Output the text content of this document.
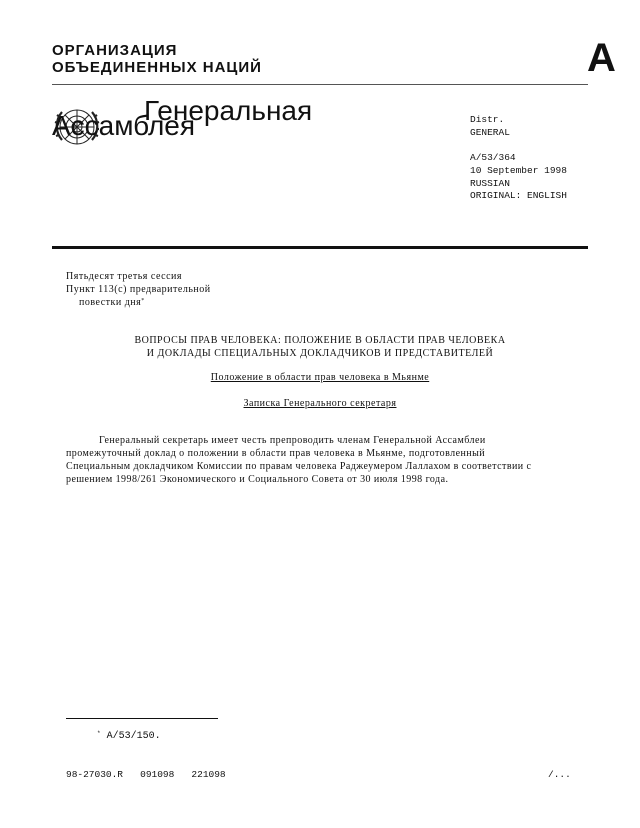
ОРГАНИЗАЦИЯ
ОБЪЕДИНЕННЫХ НАЦИЙ	A
Генеральная
Ассамблея	Distr.
GENERAL
A/53/364
10 September 1998
RUSSIAN
ORIGINAL: ENGLISH
Пятьдесят третья сессия
Пункт 113(с) предварительной
повестки дня*
ВОПРОСЫ ПРАВ ЧЕЛОВЕКА: ПОЛОЖЕНИЕ В ОБЛАСТИ ПРАВ ЧЕЛОВЕКА
И ДОКЛАДЫ СПЕЦИАЛЬНЫХ ДОКЛАДЧИКОВ И ПРЕДСТАВИТЕЛЕЙ
Положение в области прав человека в Мьянме
Записка Генерального секретаря
Генеральный секретарь имеет честь препроводить членам Генеральной Ассамблеи
промежуточный доклад о положении в области прав человека в Мьянме, подготовленный
Специальным докладчиком Комиссии по правам человека Раджеумером Лаллахом в соответствии с
решением 1998/261 Экономического и Социального Совета от 30 июля 1998 года.
* A/53/150.
98-27030.R   091098   221098	/...
